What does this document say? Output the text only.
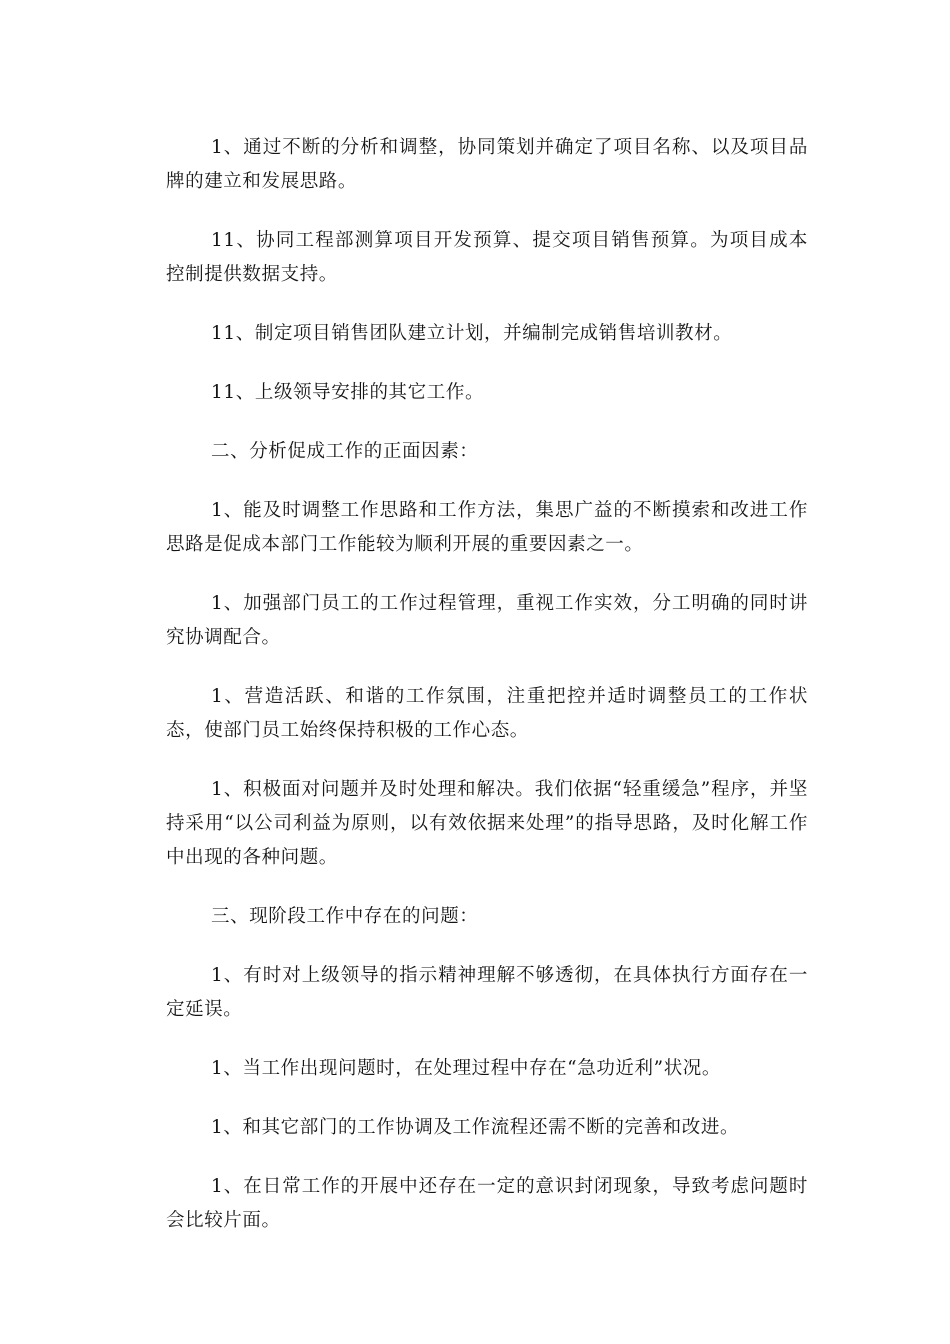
1、通过不断的分析和调整，协同策划并确定了项目名称、以及项目品牌的建立和发展思路。

11、协同工程部测算项目开发预算、提交项目销售预算。为项目成本控制提供数据支持。

11、制定项目销售团队建立计划，并编制完成销售培训教材。

11、上级领导安排的其它工作。

二、分析促成工作的正面因素：

1、能及时调整工作思路和工作方法，集思广益的不断摸索和改进工作思路是促成本部门工作能较为顺利开展的重要因素之一。

1、加强部门员工的工作过程管理，重视工作实效，分工明确的同时讲究协调配合。

1、营造活跃、和谐的工作氛围，注重把控并适时调整员工的工作状态，使部门员工始终保持积极的工作心态。

1、积极面对问题并及时处理和解决。我们依据“轻重缓急”程序，并坚持采用“以公司利益为原则，以有效依据来处理”的指导思路，及时化解工作中出现的各种问题。

三、现阶段工作中存在的问题：

1、有时对上级领导的指示精神理解不够透彻，在具体执行方面存在一定延误。

1、当工作出现问题时，在处理过程中存在“急功近利”状况。

1、和其它部门的工作协调及工作流程还需不断的完善和改进。

1、在日常工作的开展中还存在一定的意识封闭现象，导致考虑问题时会比较片面。
